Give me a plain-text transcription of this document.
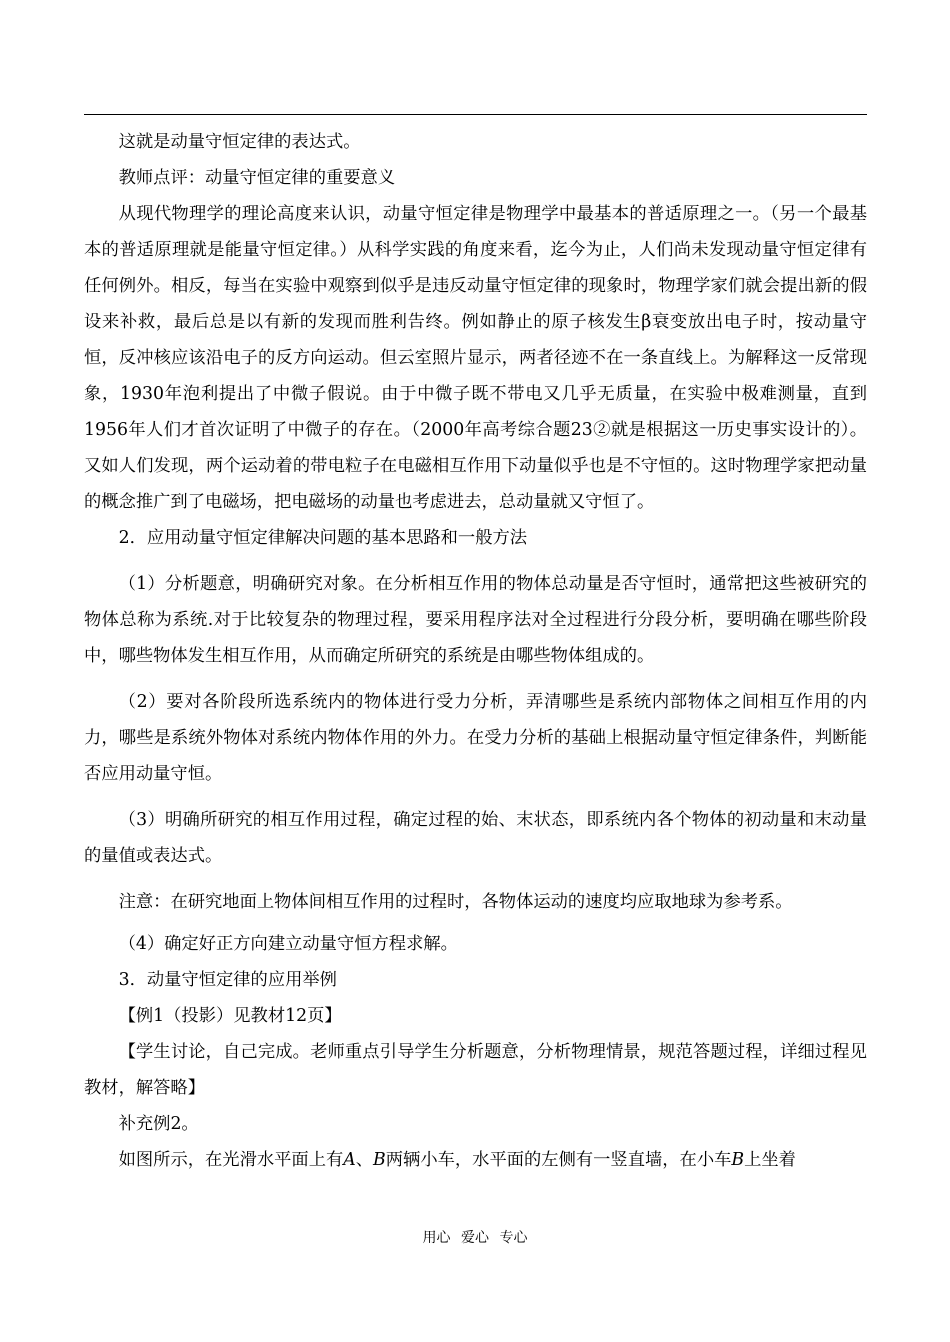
这就是动量守恒定律的表达式。

教师点评：动量守恒定律的重要意义

从现代物理学的理论高度来认识，动量守恒定律是物理学中最基本的普适原理之一。（另一个最基本的普适原理就是能量守恒定律。）从科学实践的角度来看，迄今为止，人们尚未发现动量守恒定律有任何例外。相反，每当在实验中观察到似乎是违反动量守恒定律的现象时，物理学家们就会提出新的假设来补救，最后总是以有新的发现而胜利告终。例如静止的原子核发生β衰变放出电子时，按动量守恒，反冲核应该沿电子的反方向运动。但云室照片显示，两者径迹不在一条直线上。为解释这一反常现象，1930年泡利提出了中微子假说。由于中微子既不带电又几乎无质量，在实验中极难测量，直到1956年人们才首次证明了中微子的存在。（2000年高考综合题23②就是根据这一历史事实设计的）。又如人们发现，两个运动着的带电粒子在电磁相互作用下动量似乎也是不守恒的。这时物理学家把动量的概念推广到了电磁场，把电磁场的动量也考虑进去，总动量就又守恒了。

2．应用动量守恒定律解决问题的基本思路和一般方法

（1）分析题意，明确研究对象。在分析相互作用的物体总动量是否守恒时，通常把这些被研究的物体总称为系统.对于比较复杂的物理过程，要采用程序法对全过程进行分段分析，要明确在哪些阶段中，哪些物体发生相互作用，从而确定所研究的系统是由哪些物体组成的。

（2）要对各阶段所选系统内的物体进行受力分析，弄清哪些是系统内部物体之间相互作用的内力，哪些是系统外物体对系统内物体作用的外力。在受力分析的基础上根据动量守恒定律条件，判断能否应用动量守恒。

（3）明确所研究的相互作用过程，确定过程的始、末状态，即系统内各个物体的初动量和末动量的量值或表达式。

注意：在研究地面上物体间相互作用的过程时，各物体运动的速度均应取地球为参考系。

（4）确定好正方向建立动量守恒方程求解。

3．动量守恒定律的应用举例

【例1（投影）见教材12页】

【学生讨论，自己完成。老师重点引导学生分析题意，分析物理情景，规范答题过程，详细过程见教材，解答略】

补充例2。

如图所示，在光滑水平面上有A、B两辆小车，水平面的左侧有一竖直墙，在小车B上坐着

用心 爱心 专心
